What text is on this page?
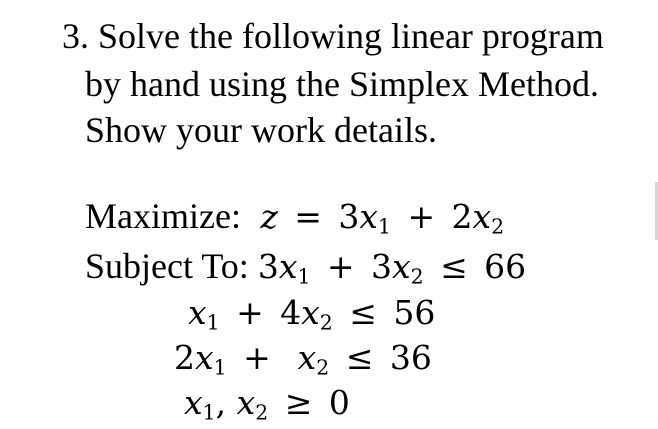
3. Solve the following linear program
by hand using the Simplex Method.
Show your work details.
Maximize: $z = 3x_1 + 2x_2$
Subject To: $3x_1 + 3x_2 \le 66$
$x_1 + 4x_2 \le 56$
$2x_1 + x_2 \le 36$
$x_1$, $x_2 \ge 0$
